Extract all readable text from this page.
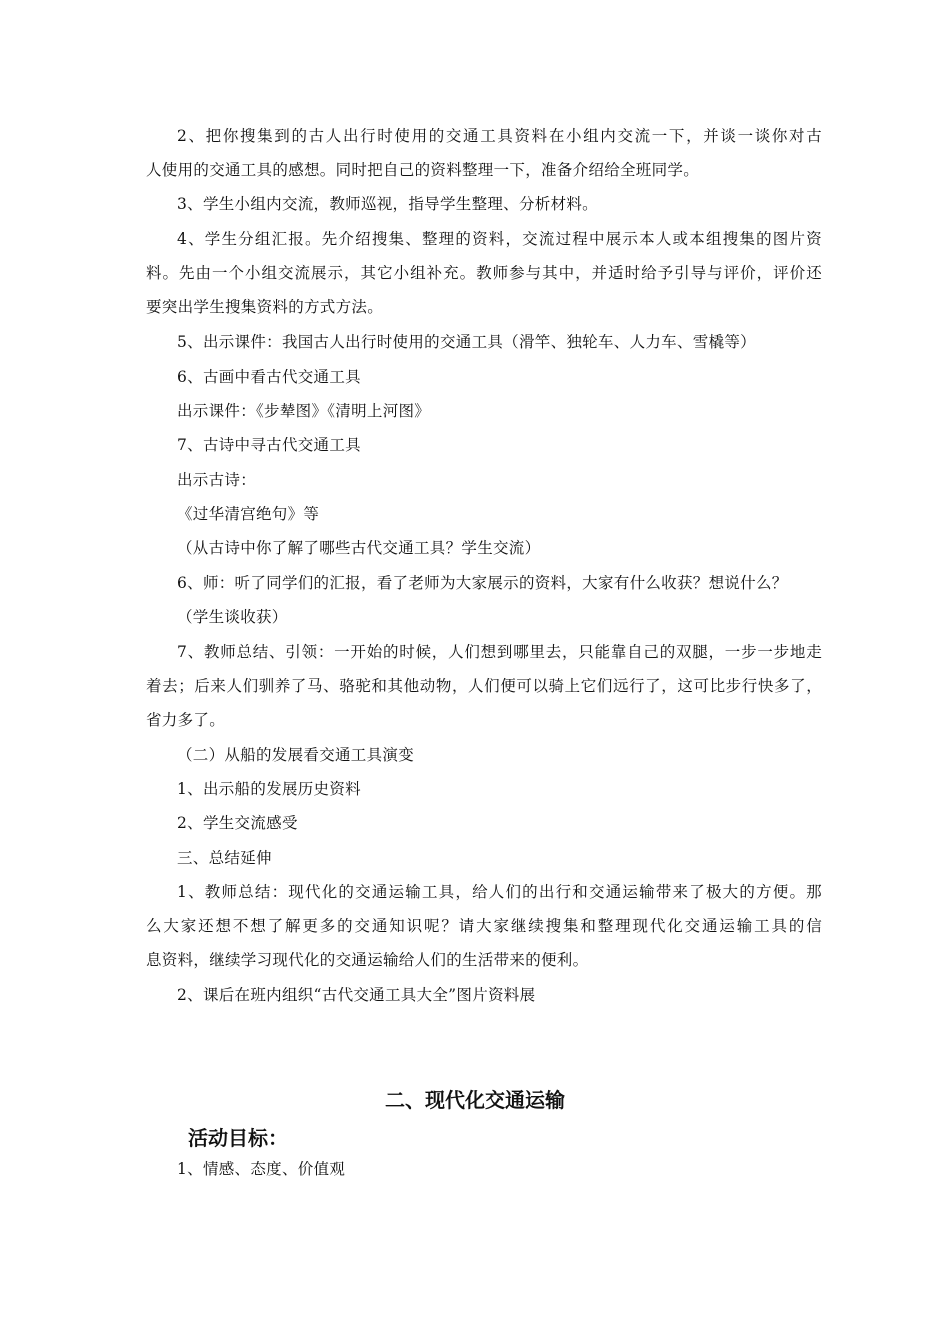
2、把你搜集到的古人出行时使用的交通工具资料在小组内交流一下，并谈一谈你对古
人使用的交通工具的感想。同时把自己的资料整理一下，准备介绍给全班同学。
3、学生小组内交流，教师巡视，指导学生整理、分析材料。
4、学生分组汇报。先介绍搜集、整理的资料，交流过程中展示本人或本组搜集的图片资
料。先由一个小组交流展示，其它小组补充。教师参与其中，并适时给予引导与评价，评价还
要突出学生搜集资料的方式方法。
5、出示课件：我国古人出行时使用的交通工具（滑竿、独轮车、人力车、雪橇等）
6、古画中看古代交通工具
出示课件：《步辇图》《清明上河图》
7、古诗中寻古代交通工具
出示古诗：
《过华清宫绝句》等
（从古诗中你了解了哪些古代交通工具？学生交流）
6、师：听了同学们的汇报，看了老师为大家展示的资料，大家有什么收获？想说什么？
（学生谈收获）
7、教师总结、引领：一开始的时候，人们想到哪里去，只能靠自己的双腿，一步一步地走
着去；后来人们驯养了马、骆驼和其他动物，人们便可以骑上它们远行了，这可比步行快多了，
省力多了。
（二）从船的发展看交通工具演变
1、出示船的发展历史资料
2、学生交流感受
三、总结延伸
1、教师总结：现代化的交通运输工具，给人们的出行和交通运输带来了极大的方便。那
么大家还想不想了解更多的交通知识呢？请大家继续搜集和整理现代化交通运输工具的信
息资料，继续学习现代化的交通运输给人们的生活带来的便利。
2、课后在班内组织“古代交通工具大全”图片资料展
二、现代化交通运输
活动目标：
1、情感、态度、价值观
